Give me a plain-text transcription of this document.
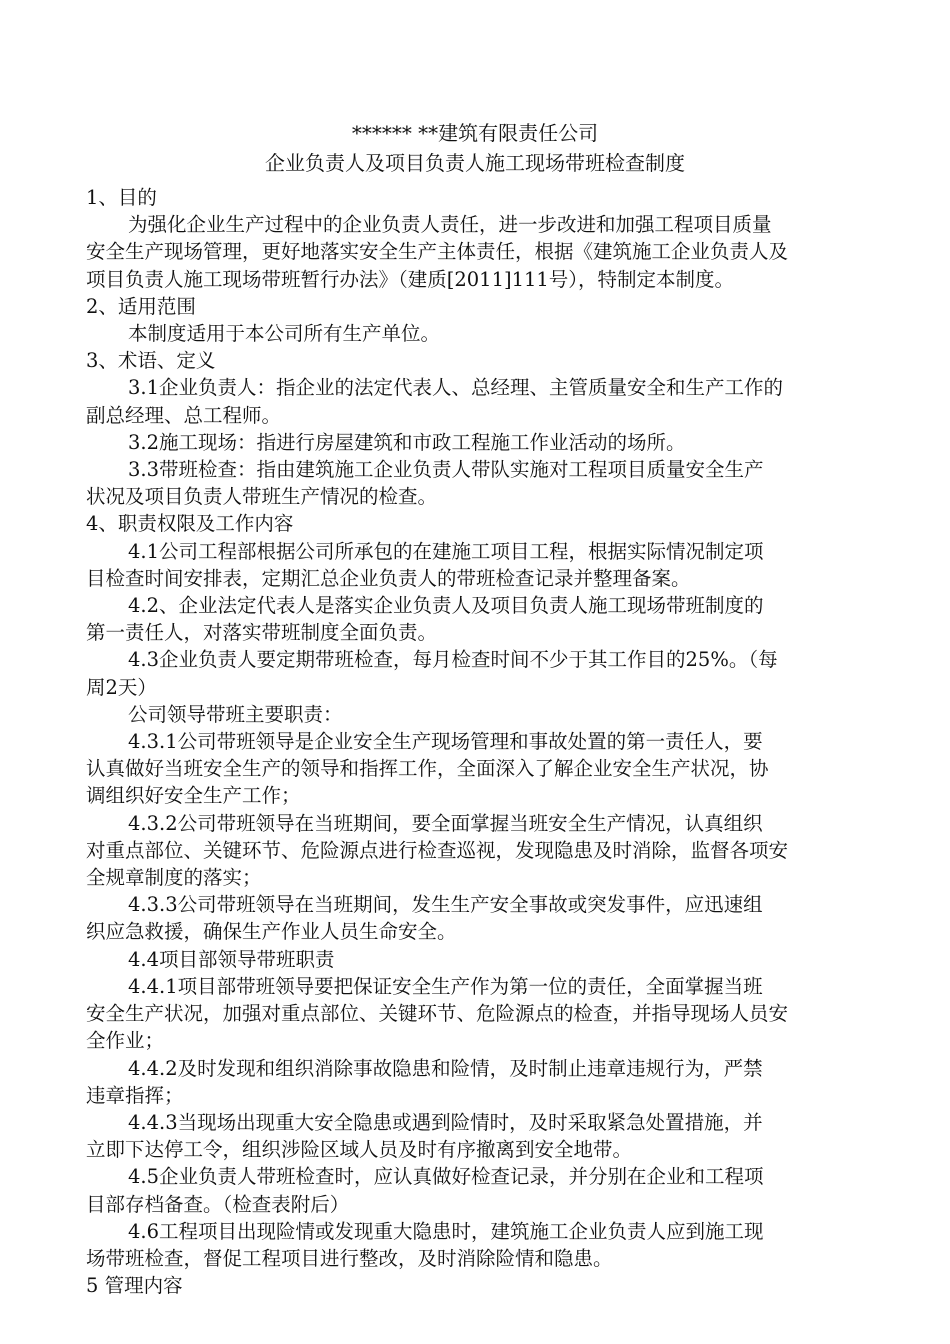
****** **建筑有限责任公司
企业负责人及项目负责人施工现场带班检查制度
1、目的
为强化企业生产过程中的企业负责人责任，进一步改进和加强工程项目质量
安全生产现场管理，更好地落实安全生产主体责任，根据《建筑施工企业负责人及
项目负责人施工现场带班暂行办法》（建质[2011]111号），特制定本制度。
2、适用范围
本制度适用于本公司所有生产单位。
3、术语、定义
3.1企业负责人：指企业的法定代表人、总经理、主管质量安全和生产工作的
副总经理、总工程师。
3.2施工现场：指进行房屋建筑和市政工程施工作业活动的场所。
3.3带班检查：指由建筑施工企业负责人带队实施对工程项目质量安全生产
状况及项目负责人带班生产情况的检查。
4、职责权限及工作内容
4.1公司工程部根据公司所承包的在建施工项目工程，根据实际情况制定项
目检查时间安排表，定期汇总企业负责人的带班检查记录并整理备案。
4.2、企业法定代表人是落实企业负责人及项目负责人施工现场带班制度的
第一责任人，对落实带班制度全面负责。
4.3企业负责人要定期带班检查，每月检查时间不少于其工作目的25%。（每
周2天）
公司领导带班主要职责：
4.3.1公司带班领导是企业安全生产现场管理和事故处置的第一责任人，要
认真做好当班安全生产的领导和指挥工作，全面深入了解企业安全生产状况，协
调组织好安全生产工作；
4.3.2公司带班领导在当班期间，要全面掌握当班安全生产情况，认真组织
对重点部位、关键环节、危险源点进行检查巡视，发现隐患及时消除，监督各项安
全规章制度的落实；
4.3.3公司带班领导在当班期间，发生生产安全事故或突发事件，应迅速组
织应急救援，确保生产作业人员生命安全。
4.4项目部领导带班职责
4.4.1项目部带班领导要把保证安全生产作为第一位的责任，全面掌握当班
安全生产状况，加强对重点部位、关键环节、危险源点的检查，并指导现场人员安
全作业；
4.4.2及时发现和组织消除事故隐患和险情，及时制止违章违规行为，严禁
违章指挥；
4.4.3当现场出现重大安全隐患或遇到险情时，及时采取紧急处置措施，并
立即下达停工令，组织涉险区域人员及时有序撤离到安全地带。
4.5企业负责人带班检查时，应认真做好检查记录，并分别在企业和工程项
目部存档备查。（检查表附后）
4.6工程项目出现险情或发现重大隐患时，建筑施工企业负责人应到施工现
场带班检查，督促工程项目进行整改，及时消除险情和隐患。
5 管理内容
